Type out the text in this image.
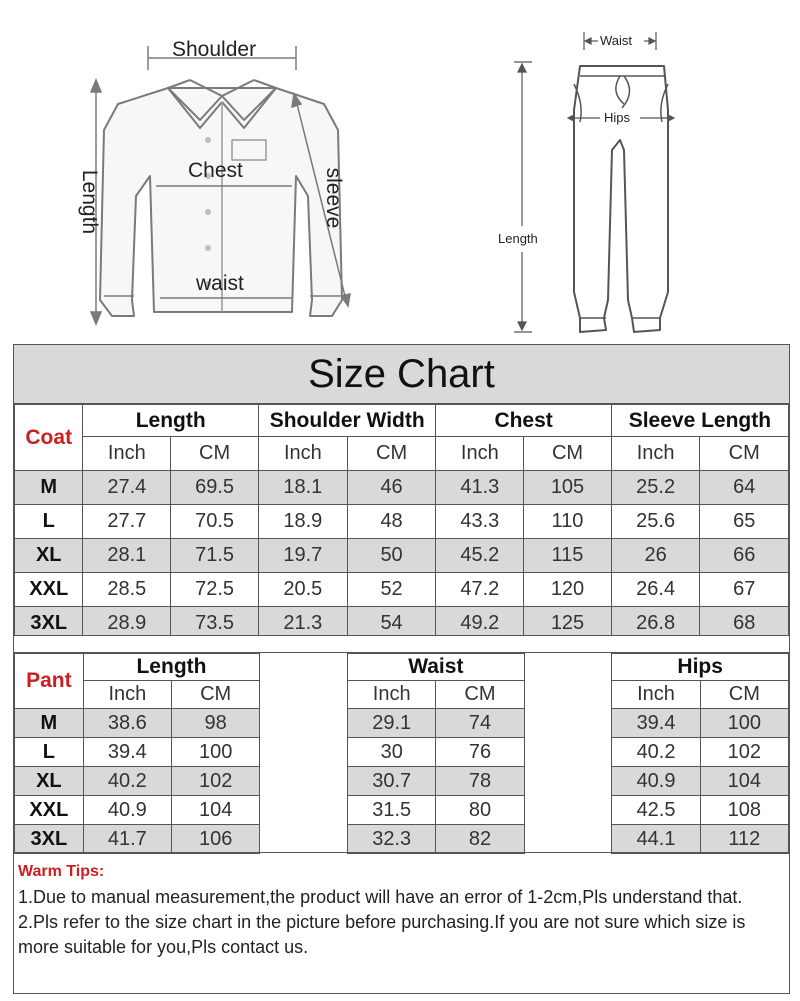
Shoulder
Chest
waist
Length	sleeve
Waist
Hips
Length
Size Chart
Coat	Length		Shoulder Width		Chest		Sleeve Length	
	Inch	CM	Inch	CM	Inch	CM	Inch	CM
M	27.4	69.5	18.1	46	41.3	105	25.2	64
L	27.7	70.5	18.9	48	43.3	110	25.6	65
XL	28.1	71.5	19.7	50	45.2	115	26	66
XXL	28.5	72.5	20.5	52	47.2	120	26.4	67
3XL	28.9	73.5	21.3	54	49.2	125	26.8	68
Pant	Length			Waist			Hips	
	Inch	CM		Inch	CM		Inch	CM
M	38.6	98		29.1	74		39.4	100
L	39.4	100		30	76		40.2	102
XL	40.2	102		30.7	78		40.9	104
XXL	40.9	104		31.5	80		42.5	108
3XL	41.7	106		32.3	82		44.1	112
Warm Tips:

1.Due to manual measurement,the product will have an error of 1-2cm,Pls understand that.

2.Pls refer to the size chart in the picture before purchasing.If you are not sure which size is more suitable for you,Pls contact us.
